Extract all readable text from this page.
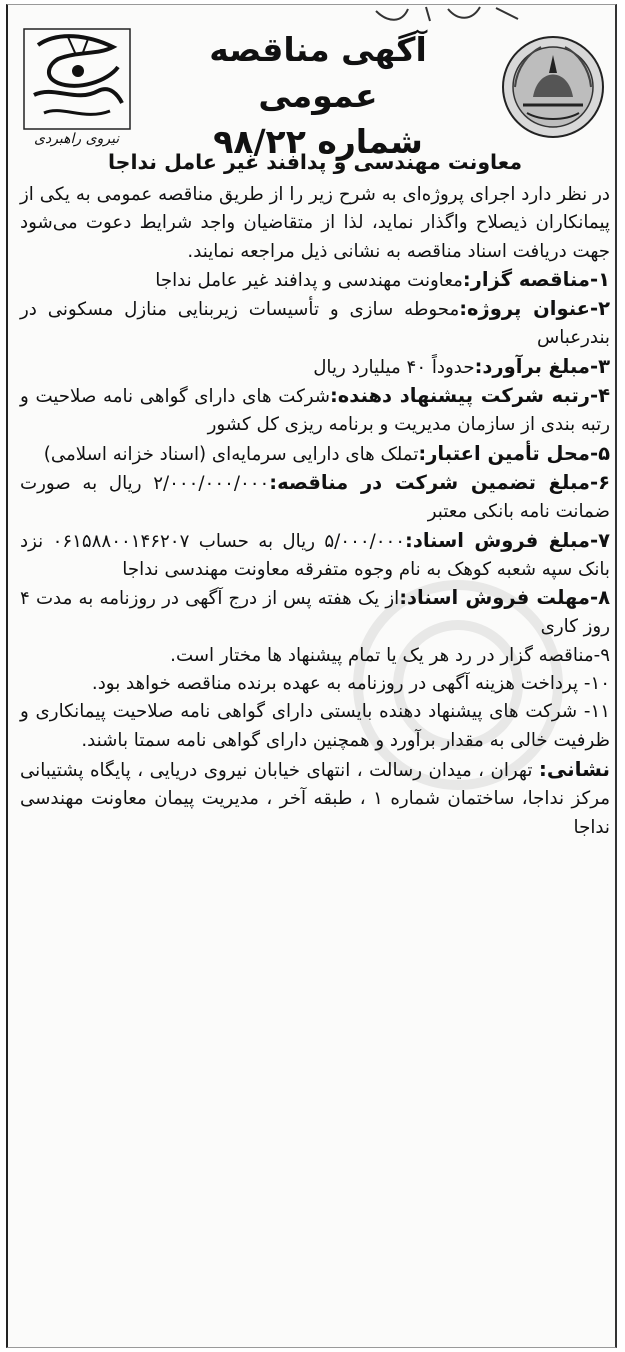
نیروی راهبردی
آگهی مناقصه عمومی
شماره ۹۸/۲۲
معاونت مهندسی و پدافند غیر عامل نداجا

در نظر دارد اجرای پروژه‌ای به شرح زیر را از طریق مناقصه عمومی به یکی از پیمانکاران ذیصلاح واگذار نماید، لذا از متقاضیان واجد شرایط دعوت می‌شود جهت دریافت اسناد مناقصه به نشانی ذیل مراجعه نمایند.

۱-مناقصه گزار:معاونت مهندسی و پدافند غیر عامل نداجا

۲-عنوان پروژه:محوطه سازی و تأسیسات زیربنایی منازل مسکونی در بندرعباس

۳-مبلغ برآورد:حدوداً ۴۰ میلیارد ریال

۴-رتبه شرکت پیشنهاد دهنده:شرکت های دارای گواهی نامه صلاحیت و رتبه بندی از سازمان مدیریت و برنامه ریزی کل کشور

۵-محل تأمین اعتبار:تملک های دارایی سرمایه‌ای (اسناد خزانه اسلامی)

۶-مبلغ تضمین شرکت در مناقصه:۲/۰۰۰/۰۰۰/۰۰۰ ریال به صورت ضمانت نامه بانکی معتبر

۷-مبلغ فروش اسناد:۵/۰۰۰/۰۰۰ ریال به حساب ۰۶۱۵۸۸۰۰۱۴۶۲۰۷ نزد بانک سپه شعبه کوهک به نام وجوه متفرقه معاونت مهندسی نداجا

۸-مهلت فروش اسناد:از یک هفته پس از درج آگهی در روزنامه به مدت ۴ روز کاری

۹-مناقصه گزار در رد هر یک یا تمام پیشنهاد ها مختار است.

۱۰- پرداخت هزینه آگهی در روزنامه به عهده برنده مناقصه خواهد بود.

۱۱- شرکت های پیشنهاد دهنده بایستی دارای گواهی نامه صلاحیت پیمانکاری و ظرفیت خالی به مقدار برآورد و همچنین دارای گواهی نامه سمتا باشند.

نشانی: تهران ، میدان رسالت ، انتهای خیابان نیروی دریایی ، پایگاه پشتیبانی مرکز نداجا، ساختمان شماره ۱ ، طبقه آخر ، مدیریت پیمان معاونت مهندسی نداجا
